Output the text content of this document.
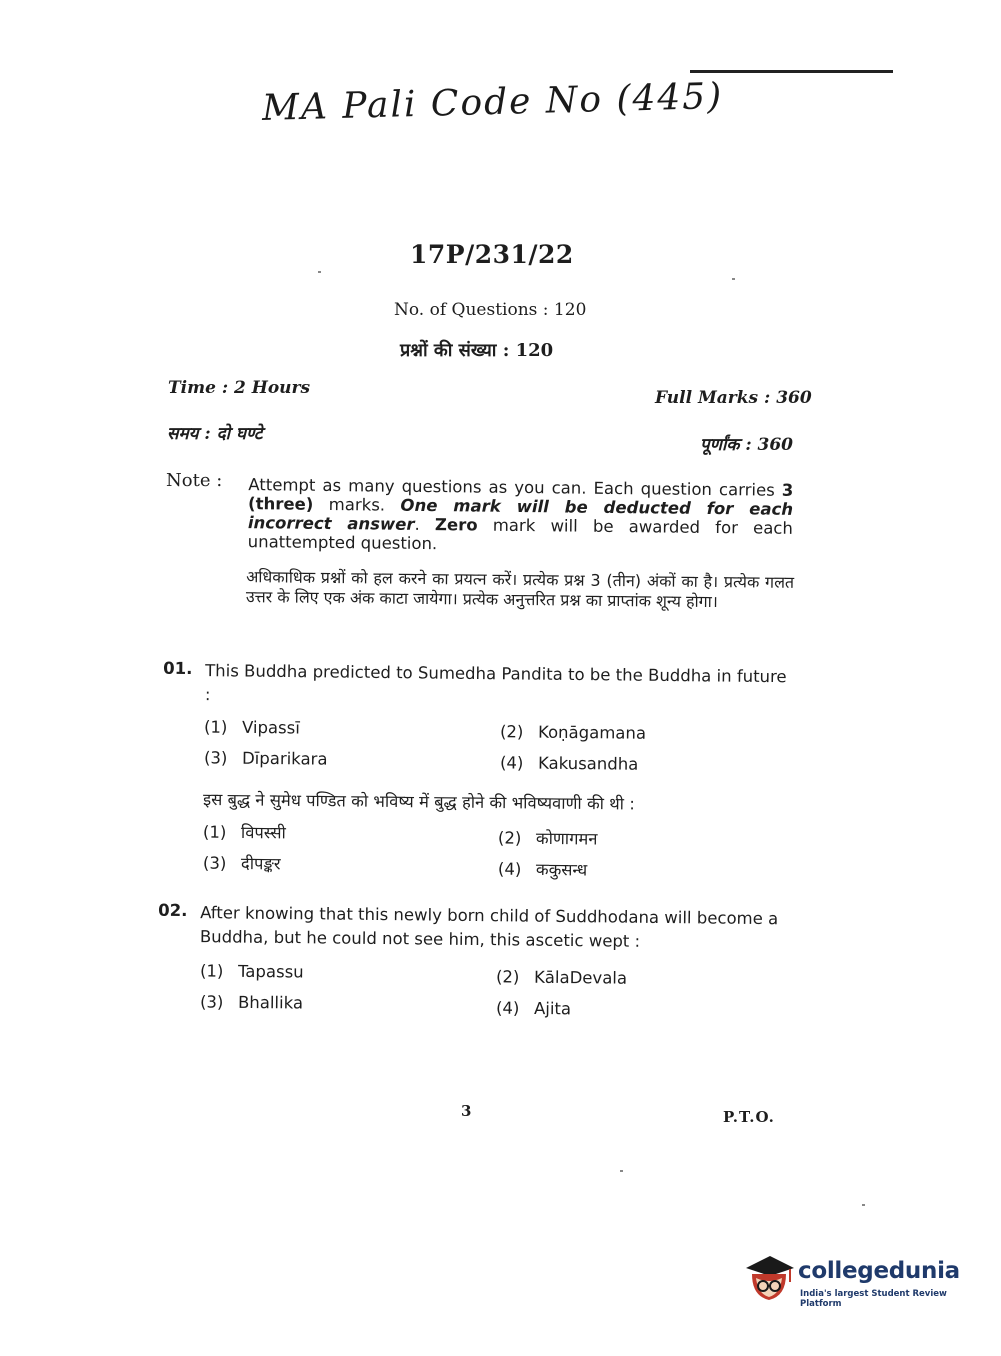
MA Pali Code No (445)
17P/231/22
No. of Questions : 120
प्रश्नों की संख्या : 120
Time : 2 Hours	Full Marks : 360
समय : दो घण्टे
पूर्णांक : 360
Note : Attempt as many questions as you can. Each question carries 3 (three) marks. One mark will be deducted for each incorrect answer. Zero mark will be awarded for each unattempted question.
अधिकाधिक प्रश्नों को हल करने का प्रयत्न करें। प्रत्येक प्रश्न 3 (तीन) अंकों का है। प्रत्येक गलत उत्तर के लिए एक अंक काटा जायेगा। प्रत्येक अनुत्तरित प्रश्न का प्राप्तांक शून्य होगा।
01. This Buddha predicted to Sumedha Pandita to be the Buddha in future :
(1) Vipassī	(2) Koṇāgamana
(3) Dīparikara	(4) Kakusandha
इस बुद्ध ने सुमेध पण्डित को भविष्य में बुद्ध होने की भविष्यवाणी की थी :
(1) विपस्सी	(2) कोणागमन
(3) दीपङ्कर	(4) ककुसन्ध
02. After knowing that this newly born child of Suddhodana will become a Buddha, but he could not see him, this ascetic wept :
(1) Tapassu	(2) KālaDevala
(3) Bhallika	(4) Ajita
3	P.T.O.
collegedunia
India's largest Student Review Platform
